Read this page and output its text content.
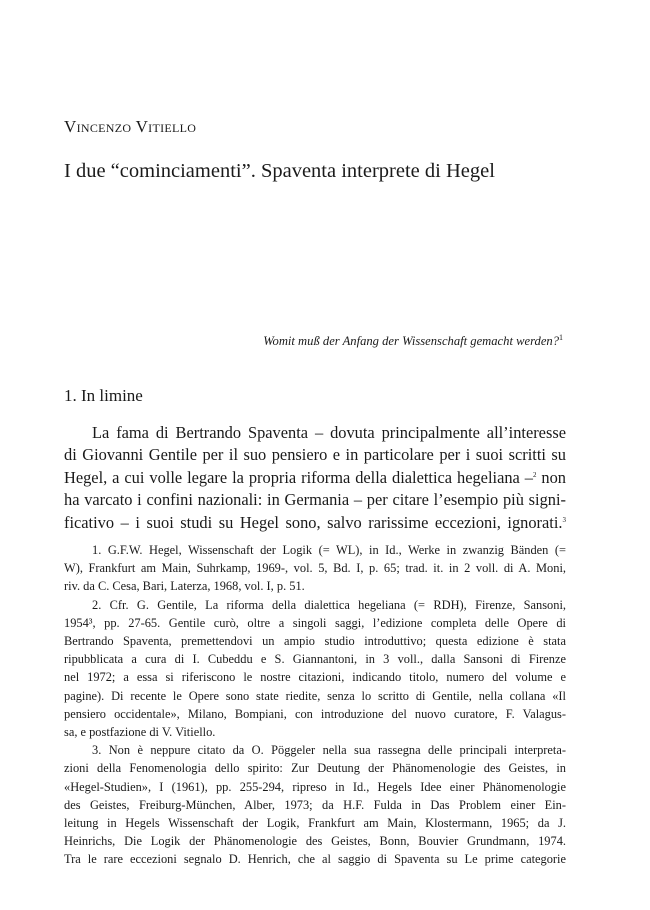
Vincenzo Vitiello
I due “cominciamenti”. Spaventa interprete di Hegel
Womit muß der Anfang der Wissenschaft gemacht werden?$^1$
1. In limine
La fama di Bertrando Spaventa – dovuta principalmente all’interesse
di Giovanni Gentile per il suo pensiero e in particolare per i suoi scritti su
Hegel, a cui volle legare la propria riforma della dialettica hegeliana –$^2$ non
ha varcato i confini nazionali: in Germania – per citare l’esempio più signi-
ficativo – i suoi studi su Hegel sono, salvo rarissime eccezioni, ignorati.$^3$
1. G.F.W. Hegel, Wissenschaft der Logik (= WL), in Id., Werke in zwanzig Bänden (=
W), Frankfurt am Main, Suhrkamp, 1969-, vol. 5, Bd. I, p. 65; trad. it. in 2 voll. di A. Moni,
riv. da C. Cesa, Bari, Laterza, 1968, vol. I, p. 51.
2. Cfr. G. Gentile, La riforma della dialettica hegeliana (= RDH), Firenze, Sansoni,
1954³, pp. 27-65. Gentile curò, oltre a singoli saggi, l’edizione completa delle Opere di
Bertrando Spaventa, premettendovi un ampio studio introduttivo; questa edizione è stata
ripubblicata a cura di I. Cubeddu e S. Giannantoni, in 3 voll., dalla Sansoni di Firenze
nel 1972; a essa si riferiscono le nostre citazioni, indicando titolo, numero del volume e
pagine). Di recente le Opere sono state riedite, senza lo scritto di Gentile, nella collana «Il
pensiero occidentale», Milano, Bompiani, con introduzione del nuovo curatore, F. Valagus-
sa, e postfazione di V. Vitiello.
3. Non è neppure citato da O. Pöggeler nella sua rassegna delle principali interpreta-
zioni della Fenomenologia dello spirito: Zur Deutung der Phänomenologie des Geistes, in
«Hegel-Studien», I (1961), pp. 255-294, ripreso in Id., Hegels Idee einer Phänomenologie
des Geistes, Freiburg-München, Alber, 1973; da H.F. Fulda in Das Problem einer Ein-
leitung in Hegels Wissenschaft der Logik, Frankfurt am Main, Klostermann, 1965; da J.
Heinrichs, Die Logik der Phänomenologie des Geistes, Bonn, Bouvier Grundmann, 1974.
Tra le rare eccezioni segnalo D. Henrich, che al saggio di Spaventa su Le prime categorie
